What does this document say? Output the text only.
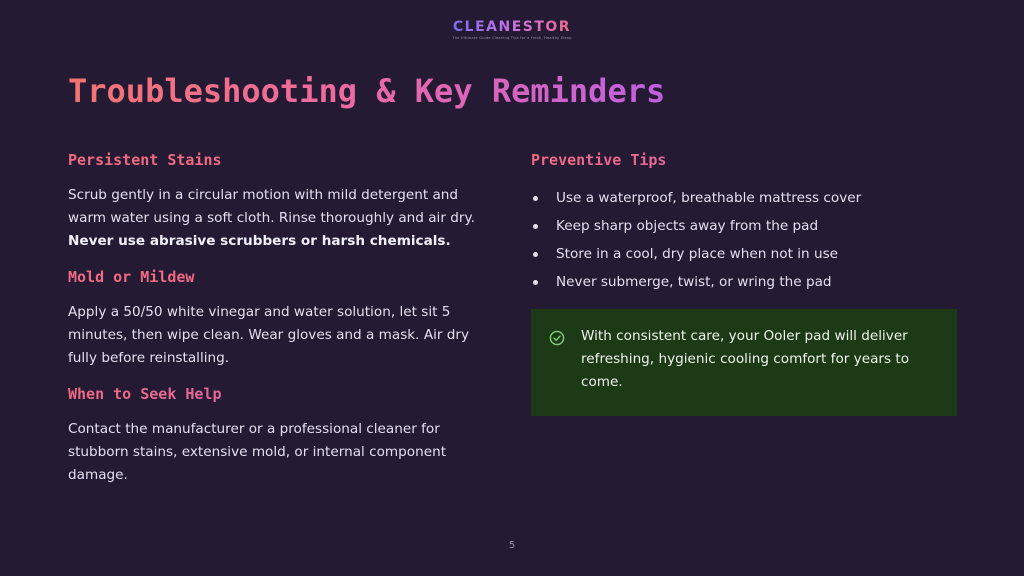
CLEANESTOR
The Ultimate Guide Cleaning Tips for a Fresh, Healthy Sleep
Troubleshooting & Key Reminders
Persistent Stains

Scrub gently in a circular motion with mild detergent and warm water using a soft cloth. Rinse thoroughly and air dry. Never use abrasive scrubbers or harsh chemicals.

Mold or Mildew

Apply a 50/50 white vinegar and water solution, let sit 5 minutes, then wipe clean. Wear gloves and a mask. Air dry fully before reinstalling.

When to Seek Help

Contact the manufacturer or a professional cleaner for stubborn stains, extensive mold, or internal component damage.

Preventive Tips
Use a waterproof, breathable mattress cover
Keep sharp objects away from the pad
Store in a cool, dry place when not in use
Never submerge, twist, or wring the pad

With consistent care, your Ooler pad will deliver refreshing, hygienic cooling comfort for years to come.

5
